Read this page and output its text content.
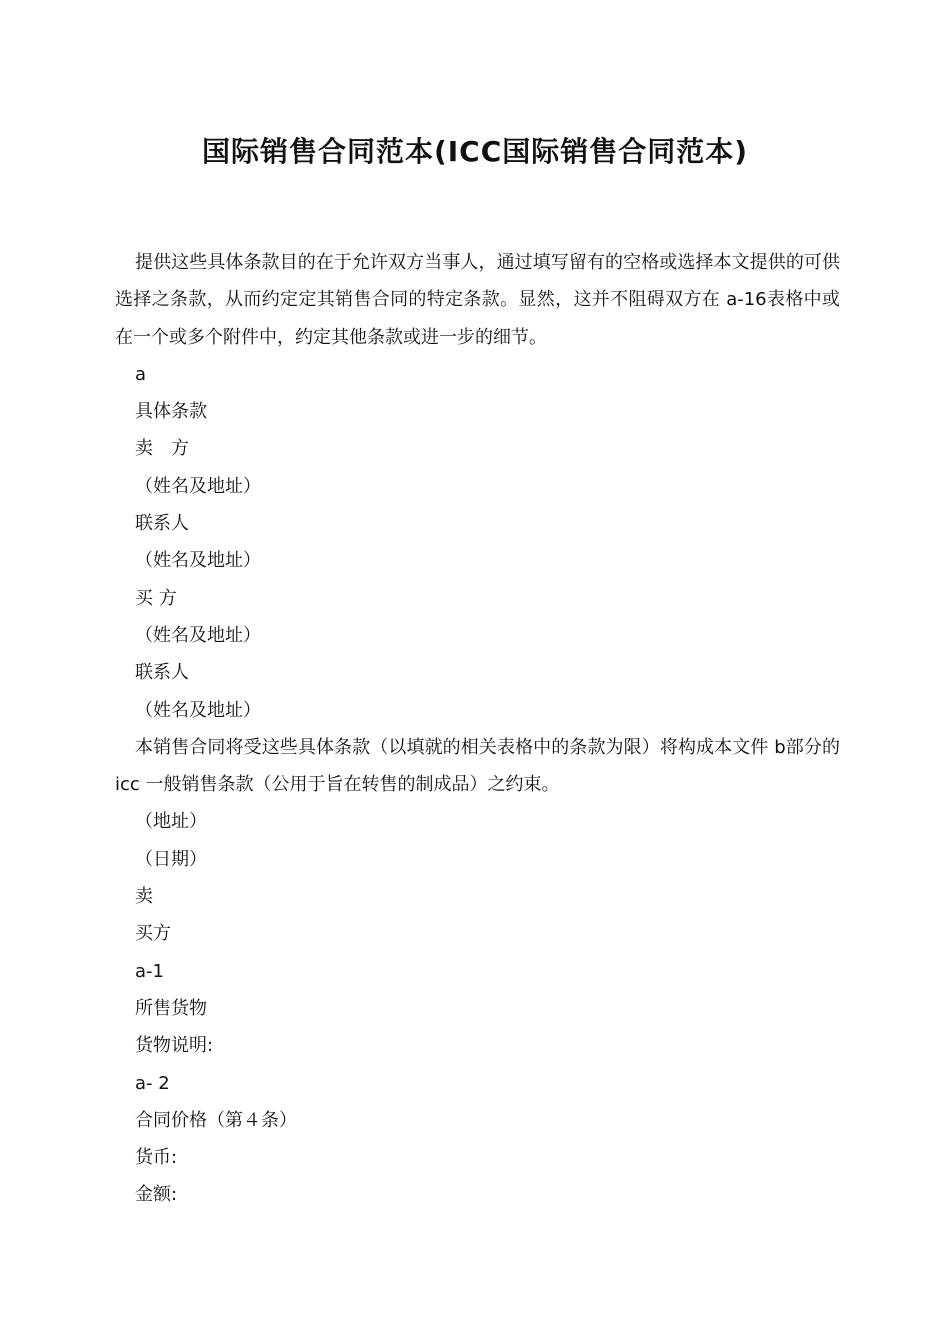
国际销售合同范本(ICC国际销售合同范本)

提供这些具体条款目的在于允许双方当事人，通过填写留有的空格或选择本文提供的可供选择之条款，从而约定定其销售合同的特定条款。显然，这并不阻碍双方在 a-16表格中或在一个或多个附件中，约定其他条款或进一步的细节。

a

具体条款

卖　方

（姓名及地址）

联系人

（姓名及地址）

买 方

（姓名及地址）

联系人

（姓名及地址）

本销售合同将受这些具体条款（以填就的相关表格中的条款为限）将构成本文件 b部分的 icc 一般销售条款（公用于旨在转售的制成品）之约束。

（地址）

（日期）

卖

买方

a-1

所售货物

货物说明:

a- 2

合同价格（第４条）

货币:

金额:
